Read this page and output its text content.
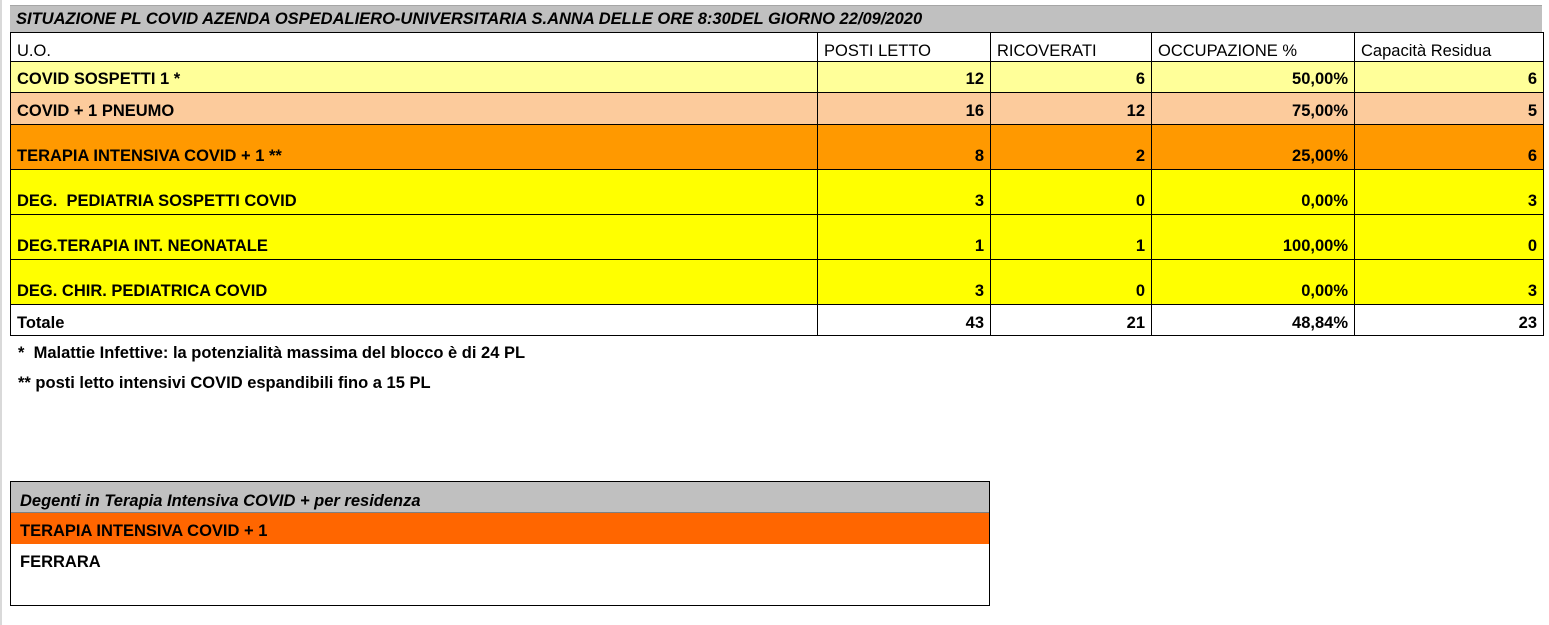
SITUAZIONE PL COVID AZENDA OSPEDALIERO-UNIVERSITARIA S.ANNA DELLE ORE 8:30DEL GIORNO 22/09/2020
U.O.	POSTI LETTO	RICOVERATI	OCCUPAZIONE %	Capacità Residua
COVID SOSPETTI 1 *	12	6	50,00%	6
COVID + 1 PNEUMO	16	12	75,00%	5
TERAPIA INTENSIVA COVID + 1 **	8	2	25,00%	6
DEG.  PEDIATRIA SOSPETTI COVID	3	0	0,00%	3
DEG.TERAPIA INT. NEONATALE	1	1	100,00%	0
DEG. CHIR. PEDIATRICA COVID	3	0	0,00%	3
Totale	43	21	48,84%	23
*  Malattie Infettive: la potenzialità massima del blocco è di 24 PL
** posti letto intensivi COVID espandibili fino a 15 PL
Degenti in Terapia Intensiva COVID + per residenza
TERAPIA INTENSIVA COVID + 1
FERRARA
